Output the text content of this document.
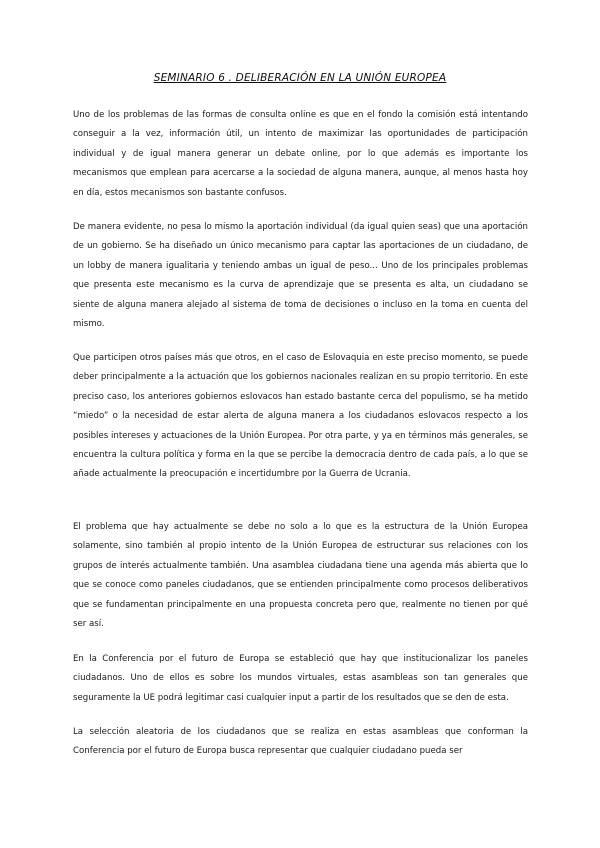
SEMINARIO 6 . DELIBERACIÓN EN LA UNIÓN EUROPEA

Uno de los problemas de las formas de consulta online es que en el fondo la comisión está intentando conseguir a la vez, información útil, un intento de maximizar las oportunidades de participación individual y de igual manera generar un debate online, por lo que además es importante los mecanismos que emplean para acercarse a la sociedad de alguna manera, aunque, al menos hasta hoy en día, estos mecanismos son bastante confusos.

De manera evidente, no pesa lo mismo la aportación individual (da igual quien seas) que una aportación de un gobierno. Se ha diseñado un único mecanismo para captar las aportaciones de un ciudadano, de un lobby de manera igualitaria y teniendo ambas un igual de peso... Uno de los principales problemas que presenta este mecanismo es la curva de aprendizaje que se presenta es alta, un ciudadano se siente de alguna manera alejado al sistema de toma de decisiones o incluso en la toma en cuenta del mismo.

Que participen otros países más que otros, en el caso de Eslovaquia en este preciso momento, se puede deber principalmente a la actuación que los gobiernos nacionales realizan en su propio territorio. En este preciso caso, los anteriores gobiernos eslovacos han estado bastante cerca del populismo, se ha metido “miedo” o la necesidad de estar alerta de alguna manera a los ciudadanos eslovacos respecto a los posibles intereses y actuaciones de la Unión Europea. Por otra parte, y ya en términos más generales, se encuentra la cultura política y forma en la que se percibe la democracia dentro de cada país, a lo que se añade actualmente la preocupación e incertidumbre por la Guerra de Ucrania.

El problema que hay actualmente se debe no solo a lo que es la estructura de la Unión Europea solamente, sino también al propio intento de la Unión Europea de estructurar sus relaciones con los grupos de interés actualmente también. Una asamblea ciudadana tiene una agenda más abierta que lo que se conoce como paneles ciudadanos, que se entienden principalmente como procesos deliberativos que se fundamentan principalmente en una propuesta concreta pero que, realmente no tienen por qué ser así.

En la Conferencia por el futuro de Europa se estableció que hay que institucionalizar los paneles ciudadanos. Uno de ellos es sobre los mundos virtuales, estas asambleas son tan generales que seguramente la UE podrá legitimar casi cualquier input a partir de los resultados que se den de esta.

La selección aleatoria de los ciudadanos que se realiza en estas asambleas que conforman la Conferencia por el futuro de Europa busca representar que cualquier ciudadano pueda ser
